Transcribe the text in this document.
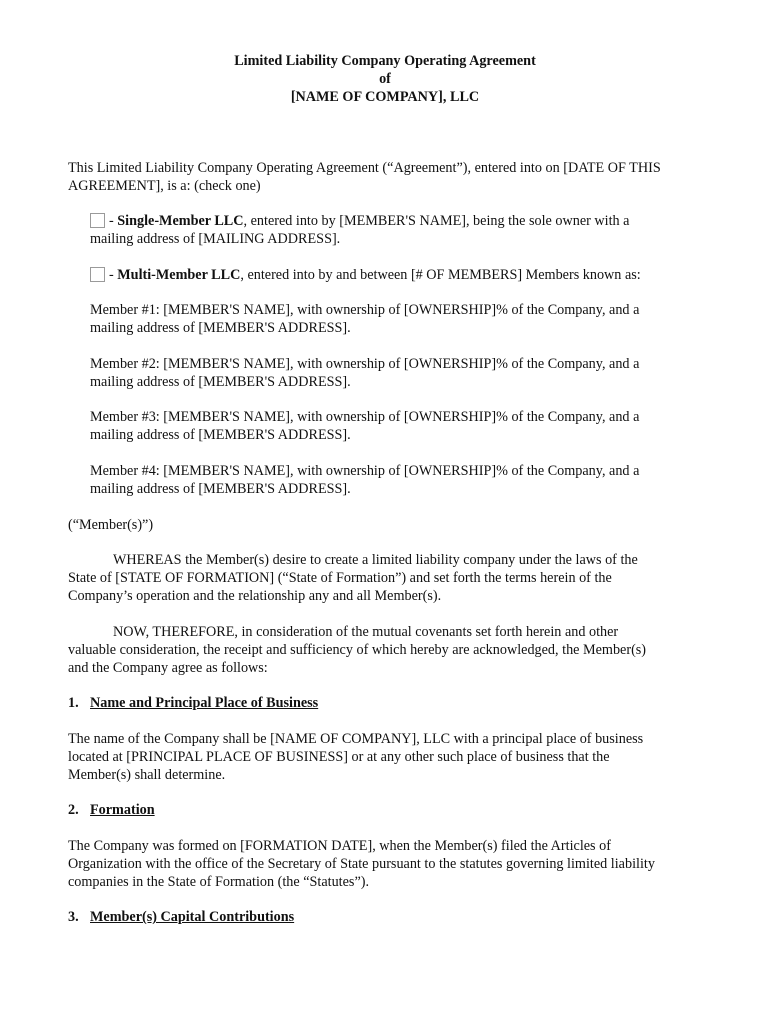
Limited Liability Company Operating Agreement
of
[NAME OF COMPANY], LLC

This Limited Liability Company Operating Agreement (“Agreement”), entered into on [DATE OF THIS
AGREEMENT], is a: (check one)

- Single-Member LLC, entered into by [MEMBER'S NAME], being the sole owner with a
mailing address of [MAILING ADDRESS].

- Multi-Member LLC, entered into by and between [# OF MEMBERS] Members known as:

Member #1: [MEMBER'S NAME], with ownership of [OWNERSHIP]% of the Company, and a
mailing address of [MEMBER'S ADDRESS].

Member #2: [MEMBER'S NAME], with ownership of [OWNERSHIP]% of the Company, and a
mailing address of [MEMBER'S ADDRESS].

Member #3: [MEMBER'S NAME], with ownership of [OWNERSHIP]% of the Company, and a
mailing address of [MEMBER'S ADDRESS].

Member #4: [MEMBER'S NAME], with ownership of [OWNERSHIP]% of the Company, and a
mailing address of [MEMBER'S ADDRESS].

(“Member(s)”)

WHEREAS the Member(s) desire to create a limited liability company under the laws of the
State of [STATE OF FORMATION] (“State of Formation”) and set forth the terms herein of the
Company’s operation and the relationship any and all Member(s).

NOW, THEREFORE, in consideration of the mutual covenants set forth herein and other
valuable consideration, the receipt and sufficiency of which hereby are acknowledged, the Member(s)
and the Company agree as follows:

1. Name and Principal Place of Business

The name of the Company shall be [NAME OF COMPANY], LLC with a principal place of business
located at [PRINCIPAL PLACE OF BUSINESS] or at any other such place of business that the
Member(s) shall determine.

2. Formation

The Company was formed on [FORMATION DATE], when the Member(s) filed the Articles of
Organization with the office of the Secretary of State pursuant to the statutes governing limited liability
companies in the State of Formation (the “Statutes”).

3. Member(s) Capital Contributions
